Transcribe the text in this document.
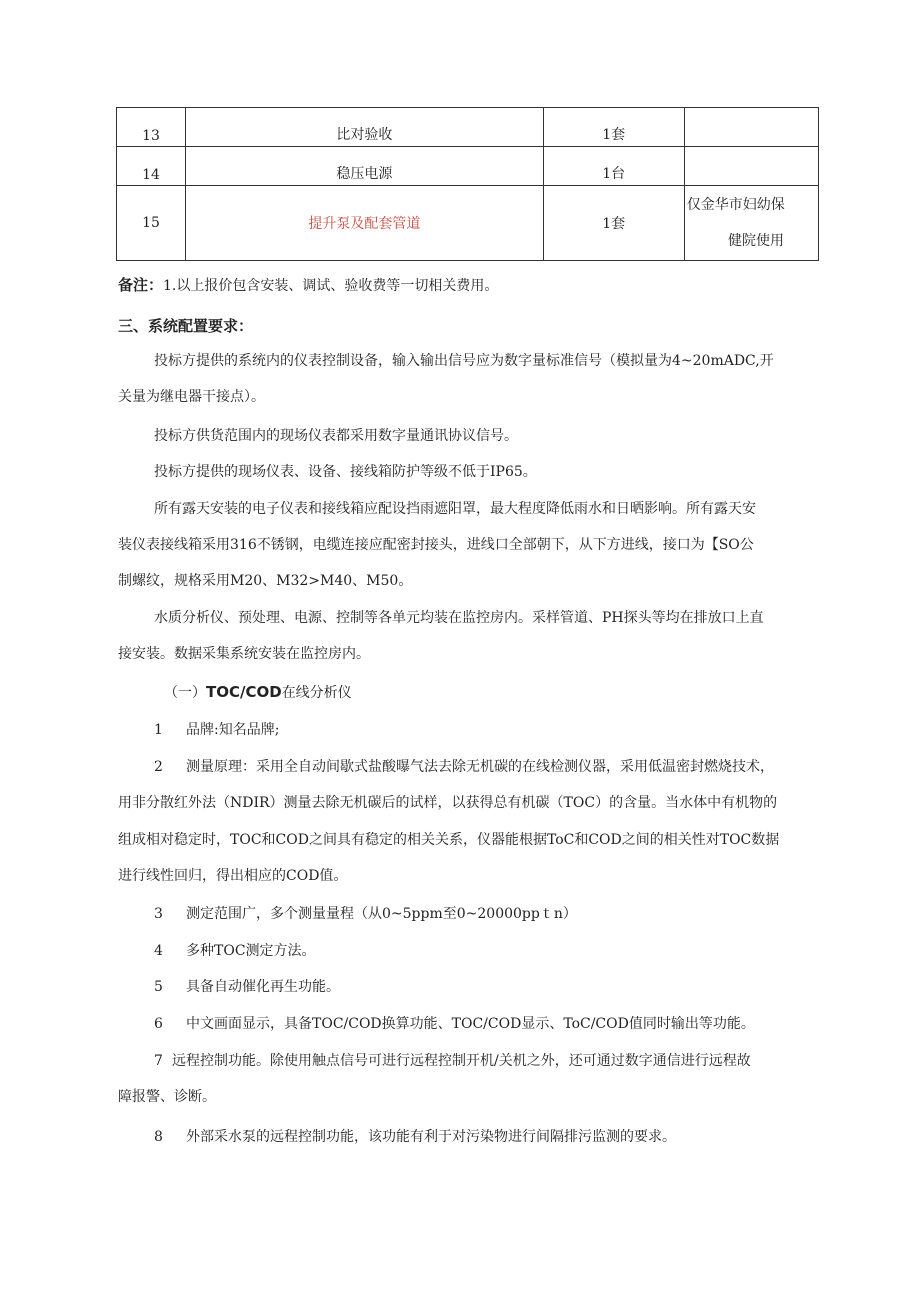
13	比对验收	1套	
14	稳压电源	1台	
15	提升泵及配套管道	1套	仅金华市妇幼保
健院使用
备注：1.以上报价包含安装、调试、验收费等一切相关费用。
三、系统配置要求：
投标方提供的系统内的仪表控制设备，输入输出信号应为数字量标准信号（模拟量为4~20mADC,开
关量为继电器干接点）。
投标方供货范围内的现场仪表都采用数字量通讯协议信号。
投标方提供的现场仪表、设备、接线箱防护等级不低于IP65。
所有露天安装的电子仪表和接线箱应配设挡雨遮阳罩，最大程度降低雨水和日晒影响。所有露天安
装仪表接线箱采用316不锈钢，电缆连接应配密封接头，进线口全部朝下，从下方进线，接口为【SO公
制螺纹，规格采用M20、M32>M40、M50。
水质分析仪、预处理、电源、控制等各单元均装在监控房内。采样管道、PH探头等均在排放口上直
接安装。数据采集系统安装在监控房内。
（一）TOC/COD在线分析仪
1 品牌:知名品牌;
2 测量原理：采用全自动间歇式盐酸曝气法去除无机碳的在线检测仪器，采用低温密封燃烧技术，
用非分散红外法（NDIR）测量去除无机碳后的试样，以获得总有机碳（TOC）的含量。当水体中有机物的
组成相对稳定时，TOC和COD之间具有稳定的相关关系，仪器能根据ToC和COD之间的相关性对TOC数据
进行线性回归，得出相应的COD值。
3 测定范围广，多个测量量程（从0~5ppm至0~20000ppｔn）
4 多种TOC测定方法。
5 具备自动催化再生功能。
6 中文画面显示，具备TOC/COD换算功能、TOC/COD显示、ToC/COD值同时输出等功能。
7 远程控制功能。除使用触点信号可进行远程控制开机/关机之外，还可通过数字通信进行远程故
障报警、诊断。
8 外部采水泵的远程控制功能，该功能有利于对污染物进行间隔排污监测的要求。
